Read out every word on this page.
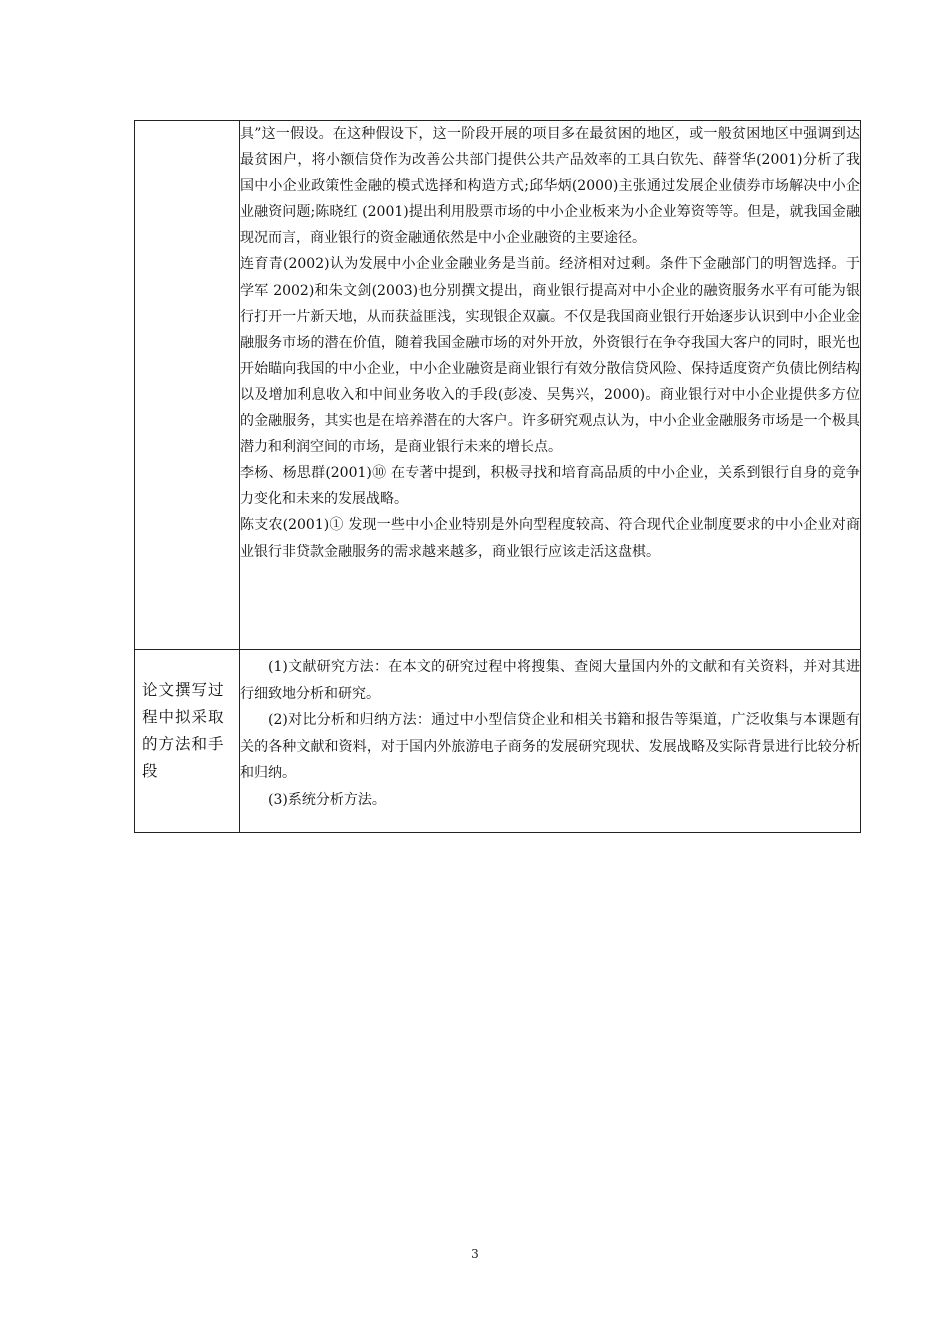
	具”这一假设。在这种假设下，这一阶段开展的项目多在最贫困的地区，或一般贫困地区中强调到达最贫困户，将小额信贷作为改善公共部门提供公共产品效率的工具白钦先、薛誉华(2001)分析了我国中小企业政策性金融的模式选择和构造方式;邱华炳(2000)主张通过发展企业债券市场解决中小企业融资问题;陈晓红 (2001)提出利用股票市场的中小企业板来为小企业筹资等等。但是，就我国金融现况而言，商业银行的资金融通依然是中小企业融资的主要途径。

连育青(2002)认为发展中小企业金融业务是当前。经济相对过剩。条件下金融部门的明智选择。于学军 2002)和朱文剑(2003)也分别撰文提出，商业银行提高对中小企业的融资服务水平有可能为银行打开一片新天地，从而获益匪浅，实现银企双赢。不仅是我国商业银行开始逐步认识到中小企业金融服务市场的潜在价值，随着我国金融市场的对外开放，外资银行在争夺我国大客户的同时，眼光也开始瞄向我国的中小企业，中小企业融资是商业银行有效分散信贷风险、保持适度资产负债比例结构以及增加利息收入和中间业务收入的手段(彭凌、吴隽兴，2000)。商业银行对中小企业提供多方位的金融服务，其实也是在培养潜在的大客户。许多研究观点认为，中小企业金融服务市场是一个极具潜力和利润空间的市场，是商业银行未来的增长点。

李杨、杨思群(2001)⑩ 在专著中提到，积极寻找和培育高品质的中小企业，关系到银行自身的竞争力变化和未来的发展战略。

陈支农(2001)① 发现一些中小企业特别是外向型程度较高、符合现代企业制度要求的中小企业对商业银行非贷款金融服务的需求越来越多，商业银行应该走活这盘棋。

论文撰写过程中拟采取的方法和手段	(1)文献研究方法：在本文的研究过程中将搜集、查阅大量国内外的文献和有关资料，并对其进行细致地分析和研究。

(2)对比分析和归纳方法：通过中小型信贷企业和相关书籍和报告等渠道，广泛收集与本课题有关的各种文献和资料，对于国内外旅游电子商务的发展研究现状、发展战略及实际背景进行比较分析和归纳。

(3)系统分析方法。

3
